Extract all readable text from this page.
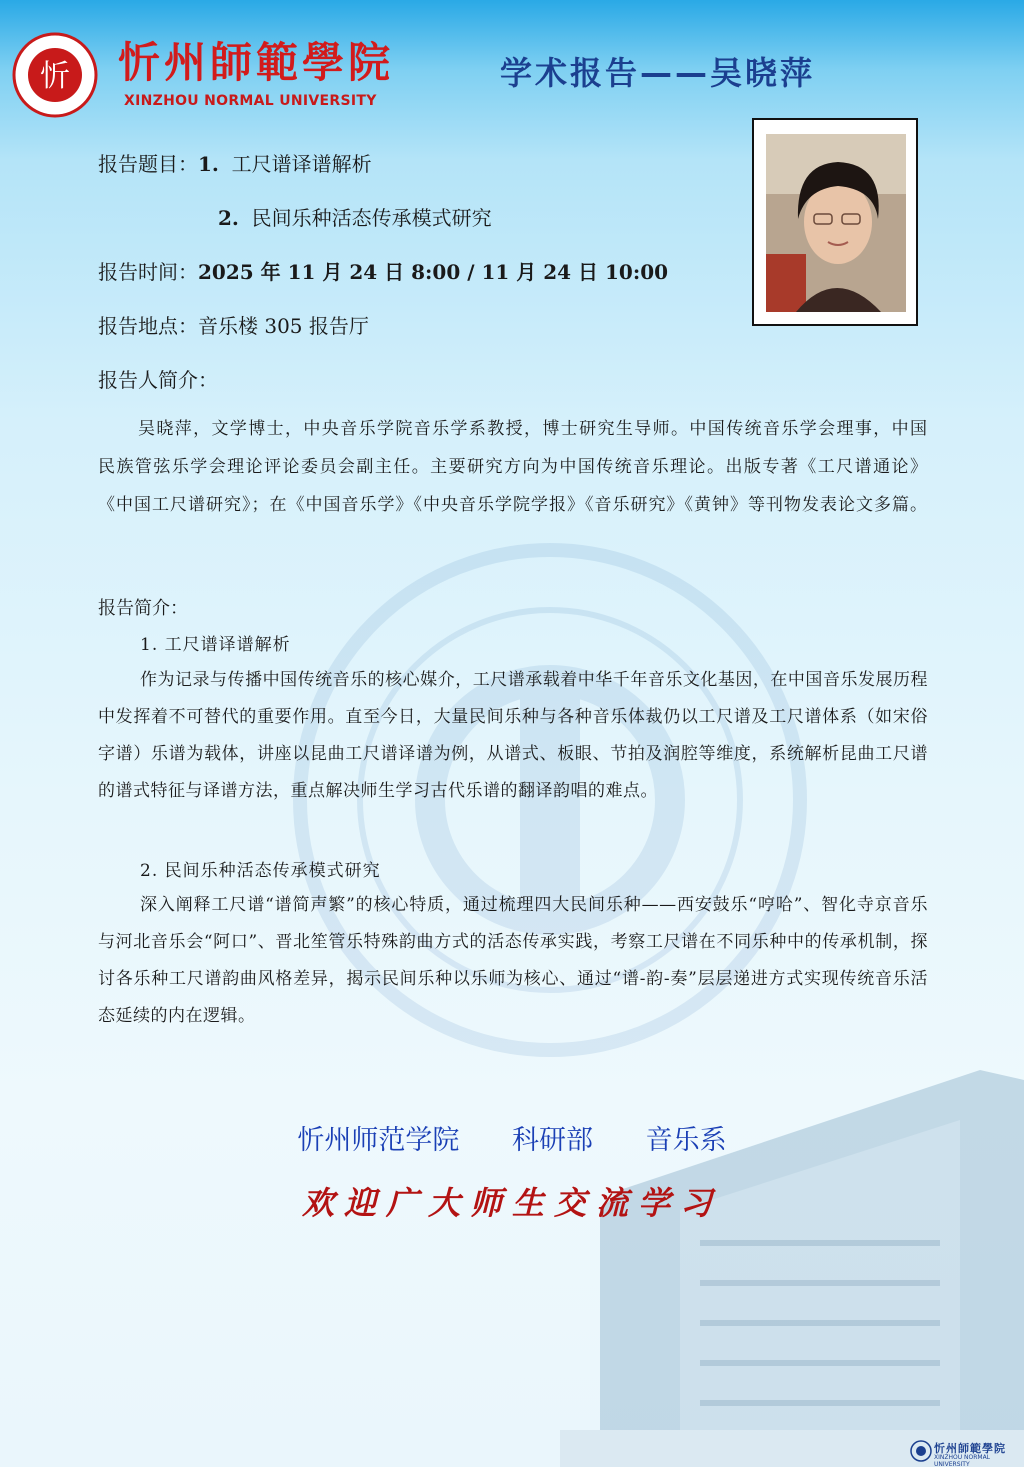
忻 忻州師範學院
XINZHOU NORMAL UNIVERSITY
学术报告——吴晓萍
报告题目：1. 工尺谱译谱解析
2. 民间乐种活态传承模式研究
报告时间：2025 年 11 月 24 日 8:00 / 11 月 24 日 10:00
报告地点：音乐楼 305 报告厅
报告人简介：
吴晓萍，文学博士，中央音乐学院音乐学系教授，博士研究生导师。中国传统音乐学会理事，中国民族管弦乐学会理论评论委员会副主任。主要研究方向为中国传统音乐理论。出版专著《工尺谱通论》《中国工尺谱研究》；在《中国音乐学》《中央音乐学院学报》《音乐研究》《黄钟》等刊物发表论文多篇。
报告简介：
1. 工尺谱译谱解析
作为记录与传播中国传统音乐的核心媒介，工尺谱承载着中华千年音乐文化基因，在中国音乐发展历程中发挥着不可替代的重要作用。直至今日，大量民间乐种与各种音乐体裁仍以工尺谱及工尺谱体系（如宋俗字谱）乐谱为载体，讲座以昆曲工尺谱译谱为例，从谱式、板眼、节拍及润腔等维度，系统解析昆曲工尺谱的谱式特征与译谱方法，重点解决师生学习古代乐谱的翻译韵唱的难点。
2. 民间乐种活态传承模式研究
深入阐释工尺谱“谱简声繁”的核心特质，通过梳理四大民间乐种——西安鼓乐“哼哈”、智化寺京音乐与河北音乐会“阿口”、晋北笙管乐特殊韵曲方式的活态传承实践，考察工尺谱在不同乐种中的传承机制，探讨各乐种工尺谱韵曲风格差异，揭示民间乐种以乐师为核心、通过“谱-韵-奏”层层递进方式实现传统音乐活态延续的内在逻辑。
忻州师范学院 科研部 音乐系
欢迎广大师生交流学习
忻州師範學院
XINZHOU NORMAL UNIVERSITY
